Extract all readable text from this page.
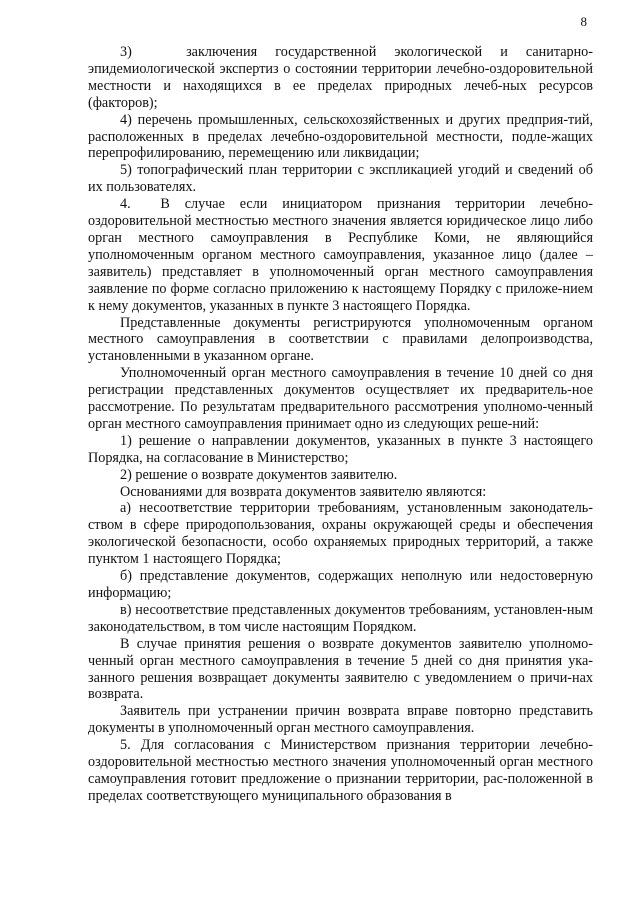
8

3)   заключения государственной экологической и санитарно-эпидемиологической экспертиз о состоянии территории лечебно-оздоровительной местности и находящихся в ее пределах природных лечеб-ных ресурсов (факторов);

4) перечень промышленных, сельскохозяйственных и других предприя-тий, расположенных в пределах лечебно-оздоровительной местности, подле-жащих перепрофилированию, перемещению или ликвидации;

5) топографический план территории с экспликацией угодий и сведений об их пользователях.

4.  В случае если инициатором признания территории лечебно-оздоровительной местностью местного значения является юридическое лицо либо орган местного самоуправления в Республике Коми, не являющийся уполномоченным органом местного самоуправления, указанное лицо (далее – заявитель) представляет в уполномоченный орган местного самоуправления заявление по форме согласно приложению к настоящему Порядку с приложе-нием к нему документов, указанных в пункте 3 настоящего Порядка.

Представленные документы регистрируются уполномоченным органом местного самоуправления в соответствии с правилами делопроизводства, установленными в указанном органе.

Уполномоченный орган местного самоуправления в течение 10 дней со дня регистрации представленных документов осуществляет их предваритель-ное рассмотрение. По результатам предварительного рассмотрения уполномо-ченный орган местного самоуправления принимает одно из следующих реше-ний:

1) решение о направлении документов, указанных в пункте 3 настоящего Порядка, на согласование в Министерство;

2) решение о возврате документов заявителю.

Основаниями для возврата документов заявителю являются:

а) несоответствие территории требованиям, установленным законодатель-ством в сфере природопользования, охраны окружающей среды и обеспечения экологической безопасности, особо охраняемых природных территорий, а также пунктом 1 настоящего Порядка;

б) представление документов, содержащих неполную или недостоверную информацию;

в) несоответствие представленных документов требованиям, установлен-ным законодательством, в том числе настоящим Порядком.

В случае принятия решения о возврате документов заявителю уполномо-ченный орган местного самоуправления в течение 5 дней со дня принятия ука-занного решения возвращает документы заявителю с уведомлением о причи-нах возврата.

Заявитель при устранении причин возврата вправе повторно представить документы в уполномоченный орган местного самоуправления.

5. Для согласования с Министерством признания территории лечебно-оздоровительной местностью местного значения уполномоченный орган местного самоуправления готовит предложение о признании территории, рас-положенной в пределах соответствующего муниципального образования в
